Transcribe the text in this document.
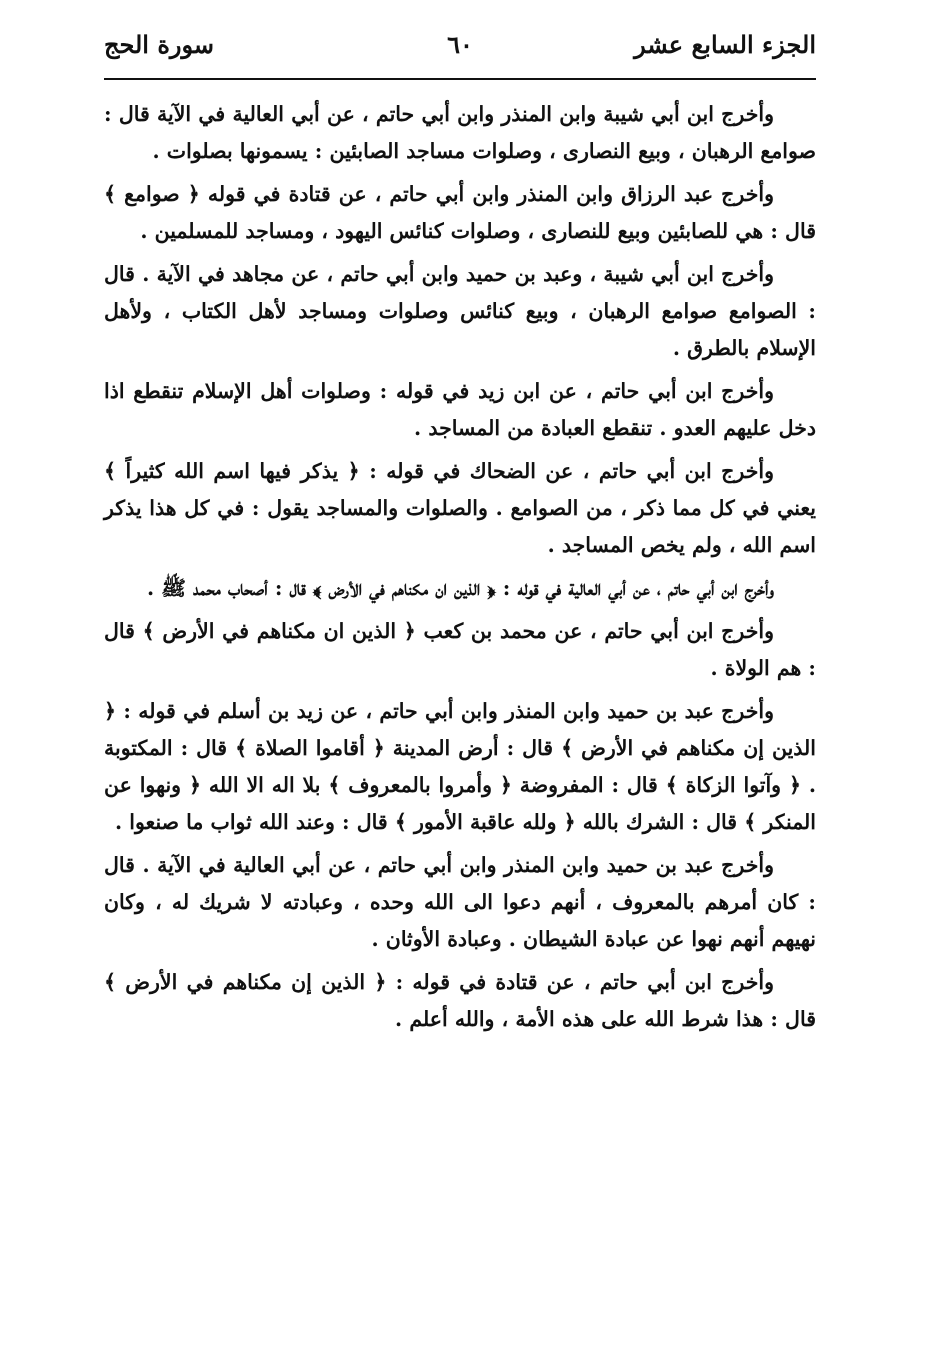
الجزء السابع عشر
٦٠
سورة الحج

وأخرج ابن أبي شيبة وابن المنذر وابن أبي حاتم ، عن أبي العالية في الآية قال : صوامع الرهبان ، وبيع النصارى ، وصلوات مساجد الصابئين : يسمونها بصلوات .

وأخرج عبد الرزاق وابن المنذر وابن أبي حاتم ، عن قتادة في قوله ﴿ صوامع ﴾ قال : هي للصابئين وبيع للنصارى ، وصلوات كنائس اليهود ، ومساجد للمسلمين .

وأخرج ابن أبي شيبة ، وعبد بن حميد وابن أبي حاتم ، عن مجاهد في الآية . قال : الصوامع صوامع الرهبان ، وبيع كنائس وصلوات ومساجد لأهل الكتاب ، ولأهل الإسلام بالطرق .

وأخرج ابن أبي حاتم ، عن ابن زيد في قوله : وصلوات أهل الإسلام تنقطع اذا دخل عليهم العدو . تنقطع العبادة من المساجد .

وأخرج ابن أبي حاتم ، عن الضحاك في قوله : ﴿ يذكر فيها اسم الله كثيراً ﴾ يعني في كل مما ذكر ، من الصوامع . والصلوات والمساجد يقول : في كل هذا يذكر اسم الله ، ولم يخص المساجد .

وأخرج ابن أبي حاتم ، عن أبي العالية في قوله : ﴿ الذين ان مكناهم في الأرض ﴾ قال : أصحاب محمد ﷺ .

وأخرج ابن أبي حاتم ، عن محمد بن كعب ﴿ الذين ان مكناهم في الأرض ﴾ قال : هم الولاة .

وأخرج عبد بن حميد وابن المنذر وابن أبي حاتم ، عن زيد بن أسلم في قوله : ﴿ الذين إن مكناهم في الأرض ﴾ قال : أرض المدينة ﴿ أقاموا الصلاة ﴾ قال : المكتوبة . ﴿ وآتوا الزكاة ﴾ قال : المفروضة ﴿ وأمروا بالمعروف ﴾ بلا اله الا الله ﴿ ونهوا عن المنكر ﴾ قال : الشرك بالله ﴿ ولله عاقبة الأمور ﴾ قال : وعند الله ثواب ما صنعوا .

وأخرج عبد بن حميد وابن المنذر وابن أبي حاتم ، عن أبي العالية في الآية . قال : كان أمرهم بالمعروف ، أنهم دعوا الى الله وحده ، وعبادته لا شريك له ، وكان نهيهم أنهم نهوا عن عبادة الشيطان . وعبادة الأوثان .

وأخرج ابن أبي حاتم ، عن قتادة في قوله : ﴿ الذين إن مكناهم في الأرض ﴾ قال : هذا شرط الله على هذه الأمة ، والله أعلم .
